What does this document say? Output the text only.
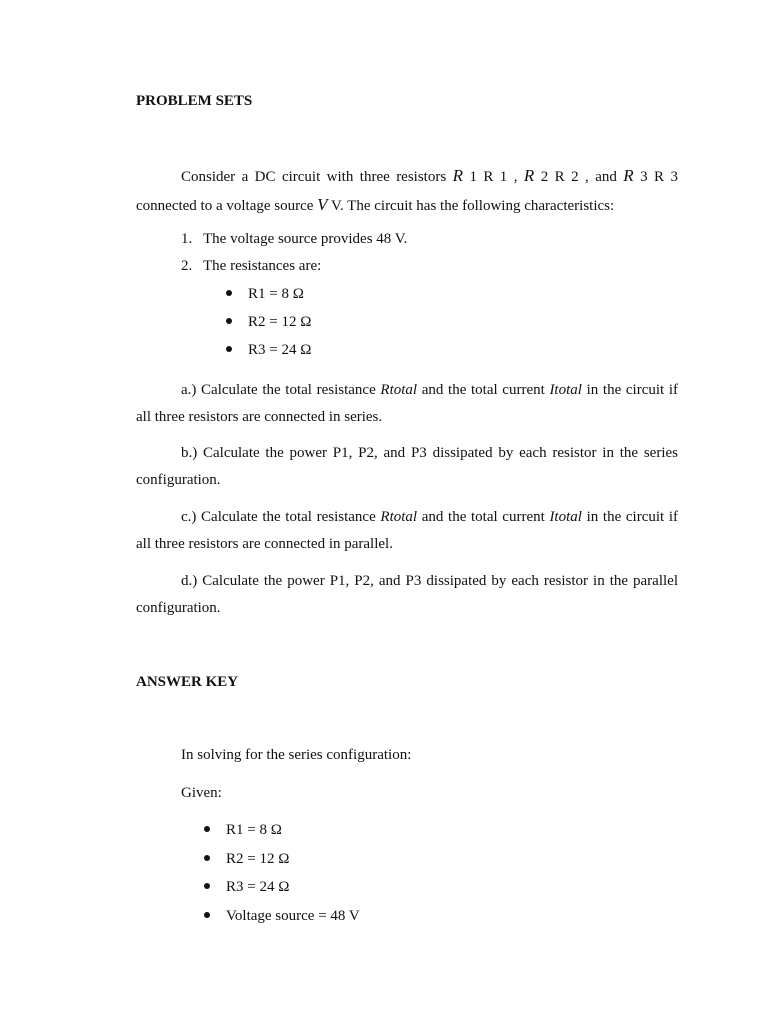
PROBLEM SETS

Consider a DC circuit with three resistors R 1 R 1 , R 2 R 2 , and R 3 R 3 connected to a voltage source V V. The circuit has the following characteristics:

1. The voltage source provides 48 V.
2. The resistances are:
R1 = 8 Ω
R2 = 12 Ω
R3 = 24 Ω

a.) Calculate the total resistance Rtotal and the total current Itotal in the circuit if all three resistors are connected in series.

b.) Calculate the power P1, P2, and P3 dissipated by each resistor in the series configuration.

c.) Calculate the total resistance Rtotal and the total current Itotal in the circuit if all three resistors are connected in parallel.

d.) Calculate the power P1, P2, and P3 dissipated by each resistor in the parallel configuration.

ANSWER KEY
In solving for the series configuration:
Given:
R1 = 8 Ω
R2 = 12 Ω
R3 = 24 Ω
Voltage source = 48 V
